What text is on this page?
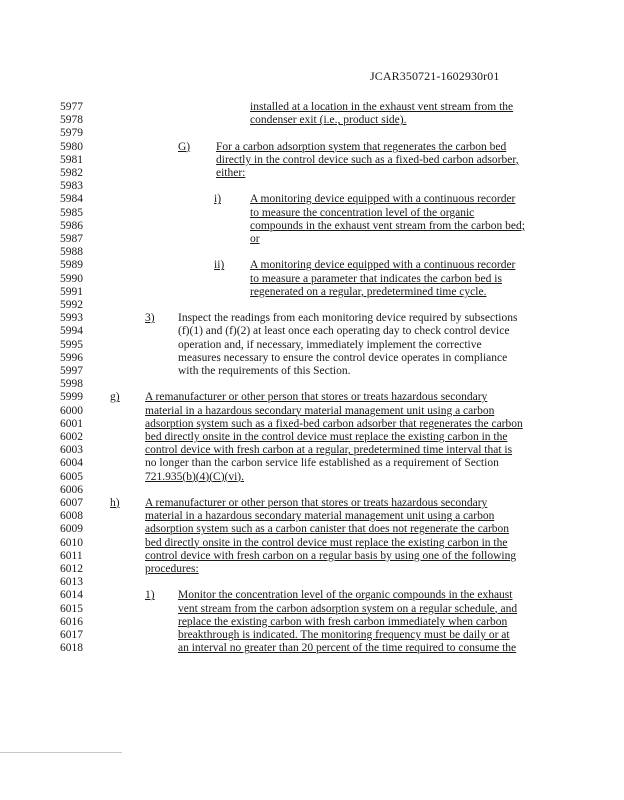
JCAR350721-1602930r01
5977
5978
5979
5980
5981
5982
5983
5984
5985
5986
5987
5988
5989
5990
5991
5992
5993
5994
5995
5996
5997
5998
5999
6000
6001
6002
6003
6004
6005
6006
6007
6008
6009
6010
6011
6012
6013
6014
6015
6016
6017
6018
installed at a location in the exhaust vent stream from the
condenser exit (i.e., product side).
G) For a carbon adsorption system that regenerates the carbon bed
directly in the control device such as a fixed-bed carbon adsorber,
either:
i)	A monitoring device equipped with a continuous recorder
to measure the concentration level of the organic
compounds in the exhaust vent stream from the carbon bed;
or
ii) A monitoring device equipped with a continuous recorder
to measure a parameter that indicates the carbon bed is
regenerated on a regular, predetermined time cycle.
3) Inspect the readings from each monitoring device required by subsections
(f)(1) and (f)(2) at least once each operating day to check control device
operation and, if necessary, immediately implement the corrective
measures necessary to ensure the control device operates in compliance
with the requirements of this Section.
g) A remanufacturer or other person that stores or treats hazardous secondary
material in a hazardous secondary material management unit using a carbon
adsorption system such as a fixed-bed carbon adsorber that regenerates the carbon
bed directly onsite in the control device must replace the existing carbon in the
control device with fresh carbon at a regular, predetermined time interval that is
no longer than the carbon service life established as a requirement of Section
721.935(b)(4)(C)(vi).
h) A remanufacturer or other person that stores or treats hazardous secondary
material in a hazardous secondary material management unit using a carbon
adsorption system such as a carbon canister that does not regenerate the carbon
bed directly onsite in the control device must replace the existing carbon in the
control device with fresh carbon on a regular basis by using one of the following
procedures:
1) Monitor the concentration level of the organic compounds in the exhaust
vent stream from the carbon adsorption system on a regular schedule, and
replace the existing carbon with fresh carbon immediately when carbon
breakthrough is indicated. The monitoring frequency must be daily or at
an interval no greater than 20 percent of the time required to consume the
